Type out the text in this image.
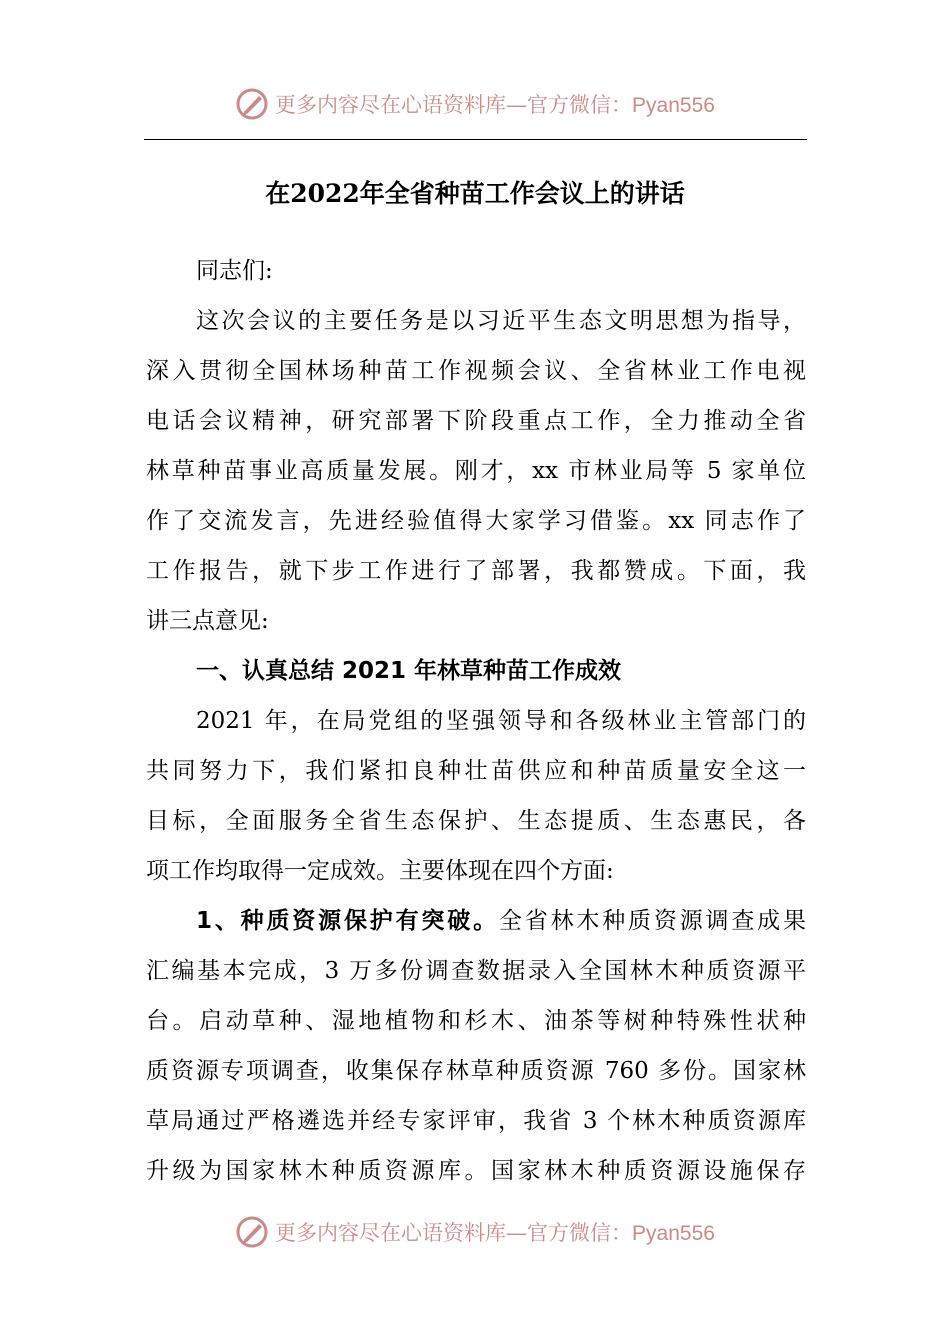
更多内容尽在心语资料库—官方微信：Pyan556
在2022年全省种苗工作会议上的讲话

同志们:

这次会议的主要任务是以习近平生态文明思想为指导，
深入贯彻全国林场种苗工作视频会议、全省林业工作电视
电话会议精神，研究部署下阶段重点工作，全力推动全省
林草种苗事业高质量发展。刚才，xx 市林业局等 5 家单位
作了交流发言，先进经验值得大家学习借鉴。xx 同志作了
工作报告，就下步工作进行了部署，我都赞成。下面，我
讲三点意见:

一、认真总结 2021 年林草种苗工作成效

2021 年，在局党组的坚强领导和各级林业主管部门的
共同努力下，我们紧扣良种壮苗供应和种苗质量安全这一
目标，全面服务全省生态保护、生态提质、生态惠民，各
项工作均取得一定成效。主要体现在四个方面:

1、种质资源保护有突破。全省林木种质资源调查成果
汇编基本完成，3 万多份调查数据录入全国林木种质资源平
台。启动草种、湿地植物和杉木、油茶等树种特殊性状种
质资源专项调查，收集保存林草种质资源 760 多份。国家林
草局通过严格遴选并经专家评审，我省 3 个林木种质资源库
升级为国家林木种质资源库。国家林木种质资源设施保存

更多内容尽在心语资料库—官方微信：Pyan556
